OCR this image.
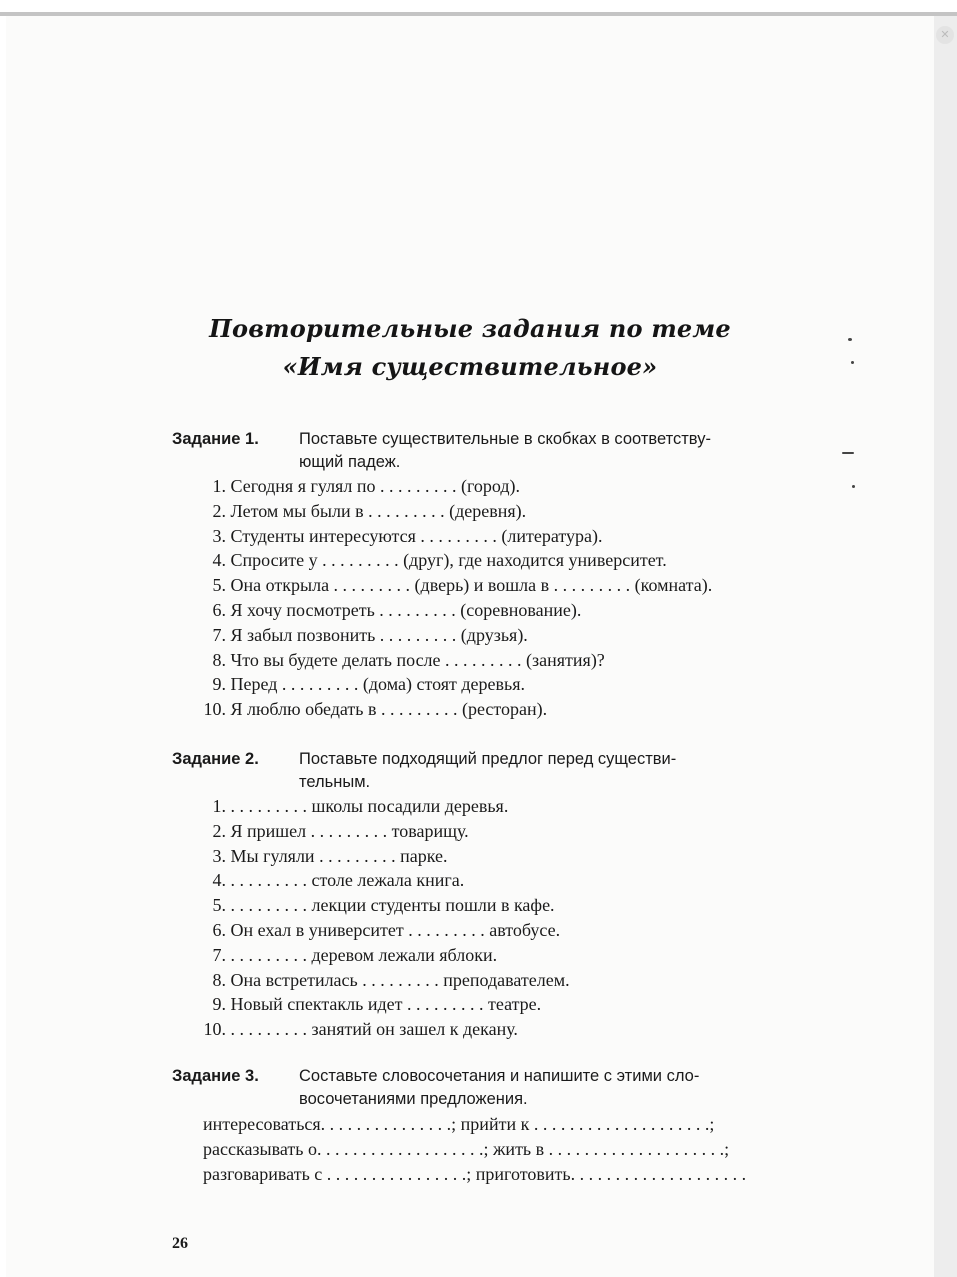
Повторительные задания по теме
«Имя существительное»
Задание 1. Поставьте существительные в скобках в соответству-
ющий падеж.
1. Сегодня я гулял по . . . . . . . . . (город).
2. Летом мы были в . . . . . . . . . (деревня).
3. Студенты интересуются . . . . . . . . . (литература).
4. Спросите у . . . . . . . . . (друг), где находится университет.
5. Она открыла . . . . . . . . . (дверь) и вошла в . . . . . . . . . (комната).
6. Я хочу посмотреть . . . . . . . . . (соревнование).
7. Я забыл позвонить . . . . . . . . . (друзья).
8. Что вы будете делать после . . . . . . . . . (занятия)?
9. Перед . . . . . . . . . (дома) стоят деревья.
10. Я люблю обедать в . . . . . . . . . (ресторан).
Задание 2. Поставьте подходящий предлог перед существи-
тельным.
1. . . . . . . . . . школы посадили деревья.
2. Я пришел . . . . . . . . . товарищу.
3. Мы гуляли . . . . . . . . . парке.
4. . . . . . . . . . столе лежала книга.
5. . . . . . . . . . лекции студенты пошли в кафе.
6. Он ехал в университет . . . . . . . . . автобусе.
7. . . . . . . . . . деревом лежали яблоки.
8. Она встретилась . . . . . . . . . преподавателем.
9. Новый спектакль идет . . . . . . . . . театре.
10. . . . . . . . . . занятий он зашел к декану.
Задание 3. Составьте словосочетания и напишите с этими сло-
восочетаниями предложения.
интересоваться. . . . . . . . . . . . . . .; прийти к . . . . . . . . . . . . . . . . . . . .;
рассказывать о. . . . . . . . . . . . . . . . . . .; жить в . . . . . . . . . . . . . . . . . . . .;
разговаривать с . . . . . . . . . . . . . . . .; приготовить. . . . . . . . . . . . . . . . . . . .
26
✕
